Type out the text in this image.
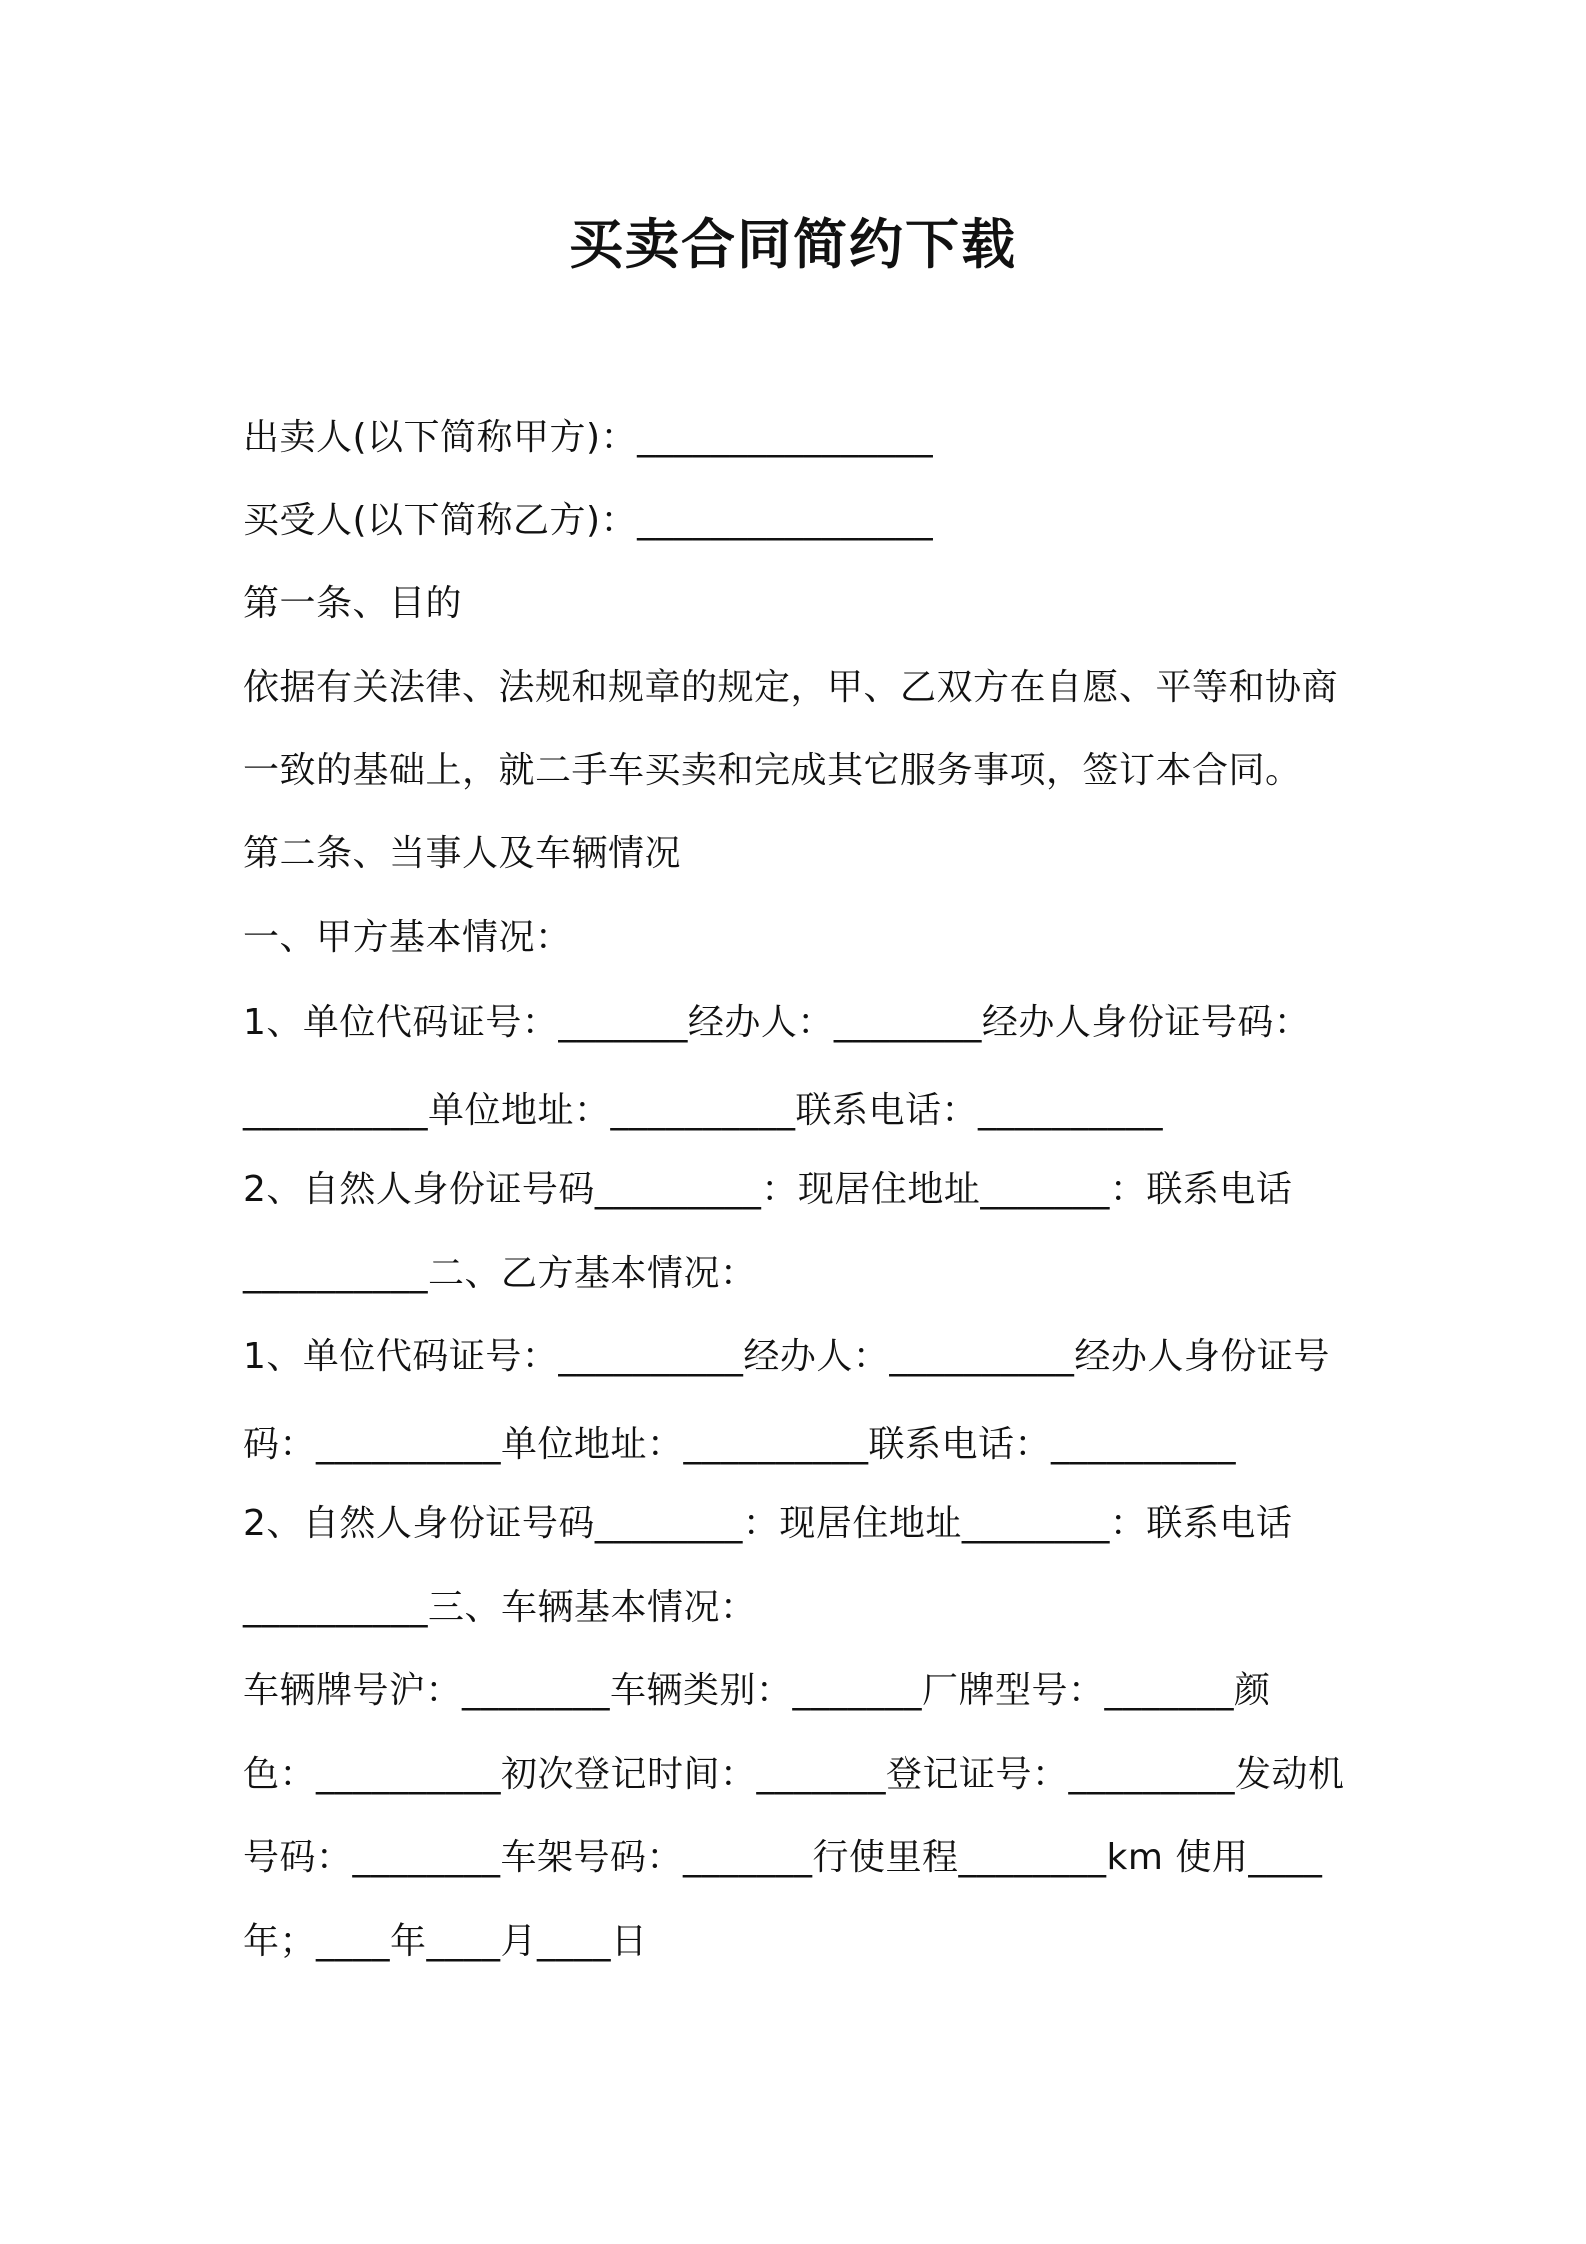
买卖合同简约下载
出卖人(以下简称甲方)：________________
买受人(以下简称乙方)：________________
第一条、目的
依据有关法律、法规和规章的规定，甲、乙双方在自愿、平等和协商
一致的基础上，就二手车买卖和完成其它服务事项，签订本合同。
第二条、当事人及车辆情况
一、甲方基本情况：
1、单位代码证号：_______经办人：________经办人身份证号码：
__________单位地址：__________联系电话：__________
2、自然人身份证号码_________：现居住地址_______：联系电话
__________二、乙方基本情况：
1、单位代码证号：__________经办人：__________经办人身份证号
码：__________单位地址：__________联系电话：__________
2、自然人身份证号码________：现居住地址________：联系电话
__________三、车辆基本情况：
车辆牌号沪：________车辆类别：_______厂牌型号：_______颜
色：__________初次登记时间：_______登记证号：_________发动机
号码：________车架号码：_______行使里程________km 使用____
年；____年____月____日
